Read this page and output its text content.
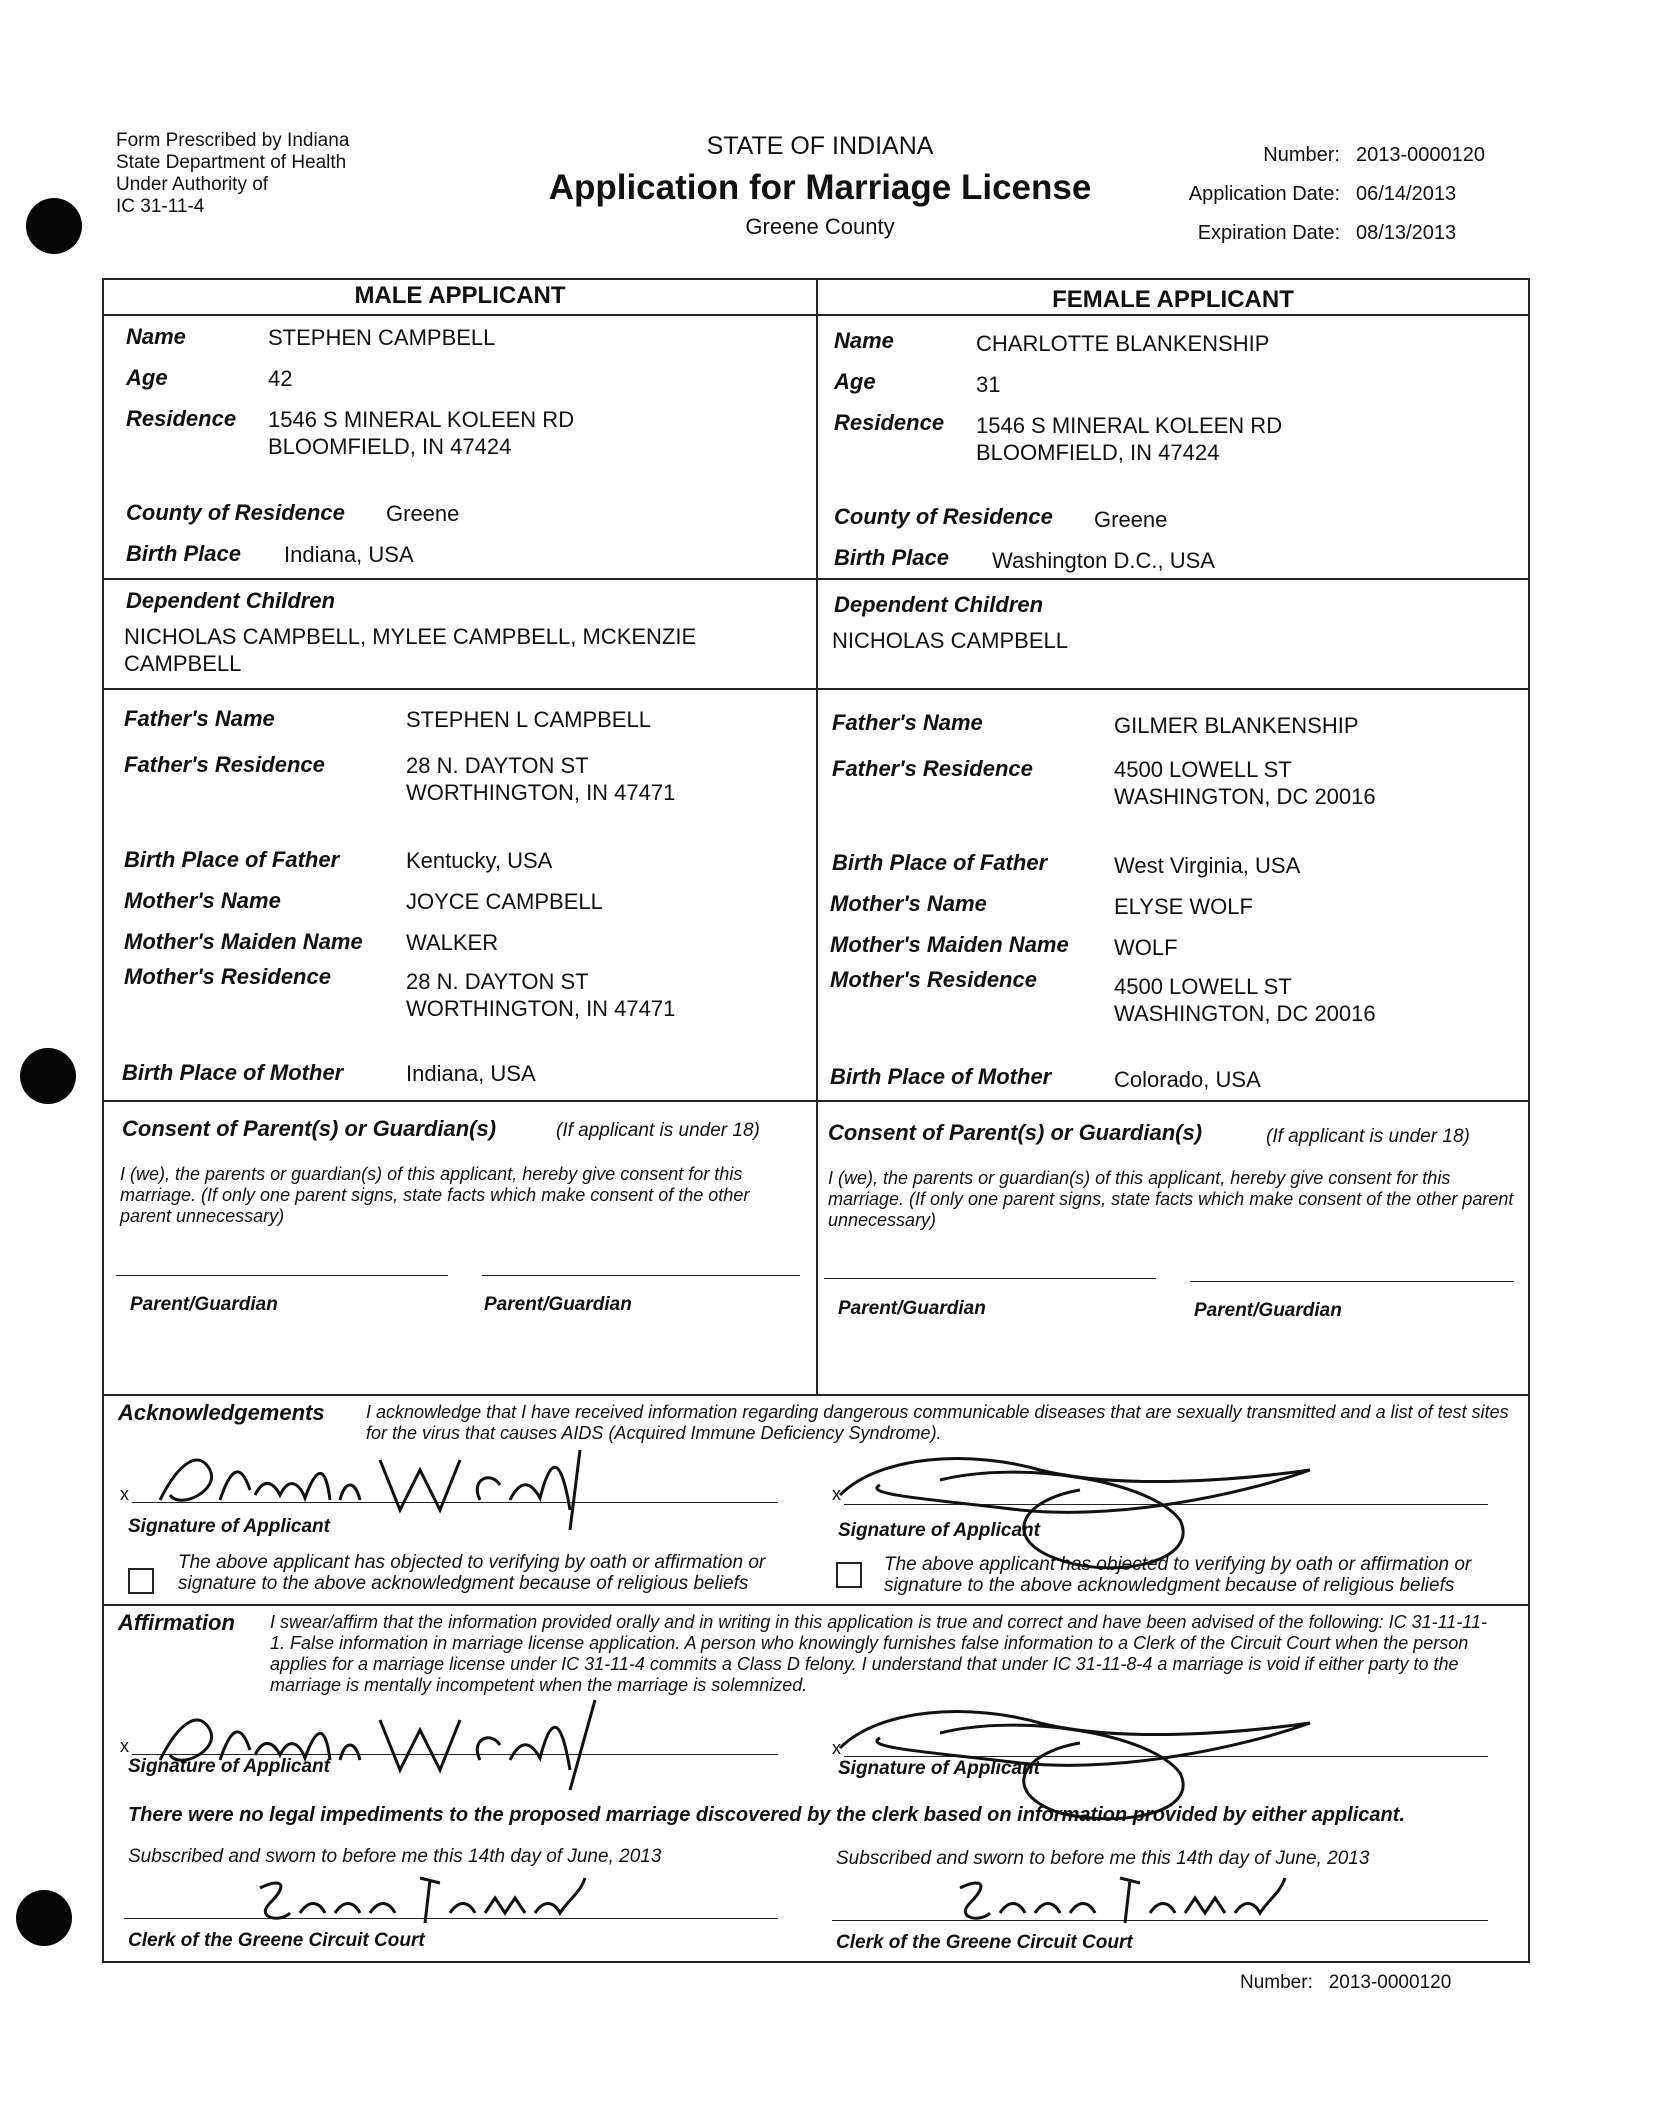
Form Prescribed by Indiana
State Department of Health
Under Authority of
IC 31-11-4
STATE OF INDIANA
Application for Marriage License
Greene County
Number: 2013-0000120
Application Date: 06/14/2013
Expiration Date: 08/13/2013
MALE APPLICANT	FEMALE APPLICANT
Name	STEPHEN CAMPBELL
Age	42
Residence 1546 S MINERAL KOLEEN RD
BLOOMFIELD, IN 47424
County of Residence Greene
Birth Place Indiana, USA
Dependent Children
NICHOLAS CAMPBELL, MYLEE CAMPBELL, MCKENZIE
CAMPBELL
Father's Name	STEPHEN L CAMPBELL
Father's Residence	28 N. DAYTON ST
WORTHINGTON, IN 47471
Birth Place of Father	Kentucky, USA
Mother's Name	JOYCE CAMPBELL
Mother's Maiden Name WALKER
Mother's Residence	28 N. DAYTON ST
WORTHINGTON, IN 47471
Birth Place of Mother	Indiana, USA
Name	CHARLOTTE BLANKENSHIP
Age	31
Residence 1546 S MINERAL KOLEEN RD
BLOOMFIELD, IN 47424
County of Residence Greene
Birth Place Washington D.C., USA
Dependent Children
NICHOLAS CAMPBELL
Father's Name	GILMER BLANKENSHIP
Father's Residence	4500 LOWELL ST
WASHINGTON, DC 20016
Birth Place of Father	West Virginia, USA
Mother's Name	ELYSE WOLF
Mother's Maiden Name WOLF
Mother's Residence	4500 LOWELL ST
WASHINGTON, DC 20016
Birth Place of Mother	Colorado, USA
Consent of Parent(s) or Guardian(s)	(If applicant is under 18)
I (we), the parents or guardian(s) of this applicant, hereby give consent for this marriage. (If only one parent signs, state facts which make consent of the other parent unnecessary)
Parent/Guardian	Parent/Guardian
Consent of Parent(s) or Guardian(s)	(If applicant is under 18)
I (we), the parents or guardian(s) of this applicant, hereby give consent for this marriage. (If only one parent signs, state facts which make consent of the other parent unnecessary)
Parent/Guardian	Parent/Guardian
Acknowledgements I acknowledge that I have received information regarding dangerous communicable diseases that are sexually transmitted and a list of test sites for the virus that causes AIDS (Acquired Immune Deficiency Syndrome).
x
Signature of Applicant
x
Signature of Applicant
The above applicant has objected to verifying by oath or affirmation or signature to the above acknowledgment because of religious beliefs
The above applicant has objected to verifying by oath or affirmation or signature to the above acknowledgment because of religious beliefs
Affirmation I swear/affirm that the information provided orally and in writing in this application is true and correct and have been advised of the following: IC 31-11-11-1. False information in marriage license application. A person who knowingly furnishes false information to a Clerk of the Circuit Court when the person applies for a marriage license under IC 31-11-4 commits a Class D felony. I understand that under IC 31-11-8-4 a marriage is void if either party to the marriage is mentally incompetent when the marriage is solemnized.
x
Signature of Applicant
x
Signature of Applicant
There were no legal impediments to the proposed marriage discovered by the clerk based on information provided by either applicant.
Subscribed and sworn to before me this 14th day of June, 2013	Subscribed and sworn to before me this 14th day of June, 2013
Clerk of the Greene Circuit Court	Clerk of the Greene Circuit Court
Number: 2013-0000120
